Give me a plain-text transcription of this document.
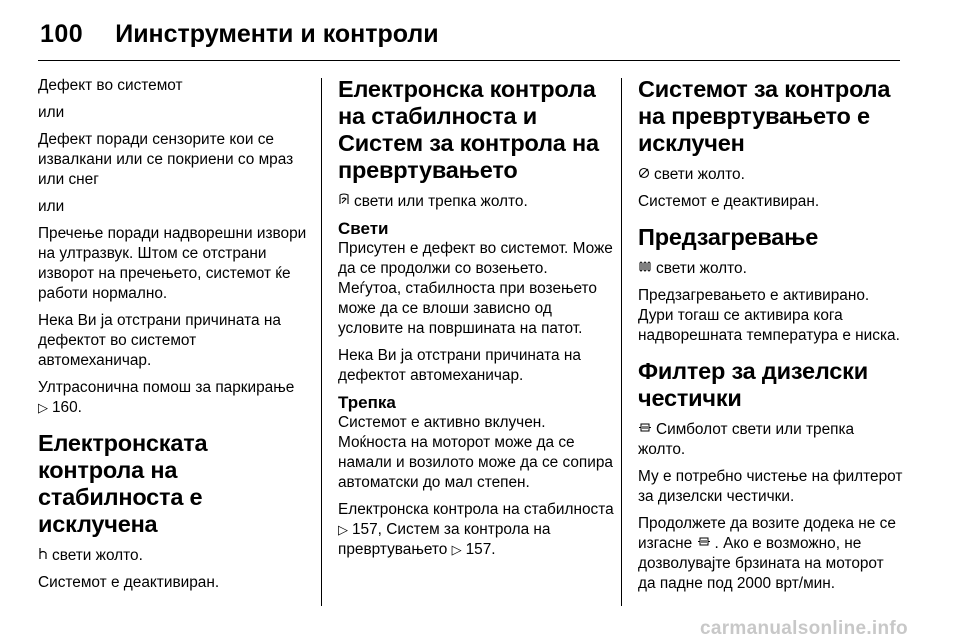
100 Иинструменти и контроли

Дефект во системот

или

Дефект поради сензорите кои се извалкани или се покриени со мраз или снег

или

Пречење поради надворешни извори на ултразвук. Штом се отстрани изворот на пречењето, системот ќе работи нормално.

Нека Ви ја отстрани причината на дефектот во системот автомеханичар.

Ултрасонична помош за паркирање ▷ 160.

Електронската контрола на стабилноста е исклучена

свети жолто.

Системот е деактивиран.

Електронска контрола на стабилноста и Систем за контрола на превртувањето

свети или трепка жолто.

Свети

Присутен е дефект во системот. Може да се продолжи со возењето. Меѓутоа, стабилноста при возењето може да се влоши зависно од условите на површината на патот.

Нека Ви ја отстрани причината на дефектот автомеханичар.

Трепка

Системот е активно вклучен. Моќноста на моторот може да се намали и возилото може да се сопира автоматски до мал степен.

Електронска контрола на стабилноста ▷ 157, Систем за контрола на превртувањето ▷ 157.

Системот за контрола на превртувањето е исклучен

свети жолто.

Системот е деактивиран.

Предзагревање

свети жолто.

Предзагревањето е активирано. Дури тогаш се активира кога надворешната температура е ниска.

Филтер за дизелски честички

Симболот свети или трепка жолто.

Му е потребно чистење на филтерот за дизелски честички.

Продолжете да возите додека не се изгасне . Ако е возможно, не дозволувајте брзината на моторот да падне под 2000 врт/мин.

carmanualsonline.info
